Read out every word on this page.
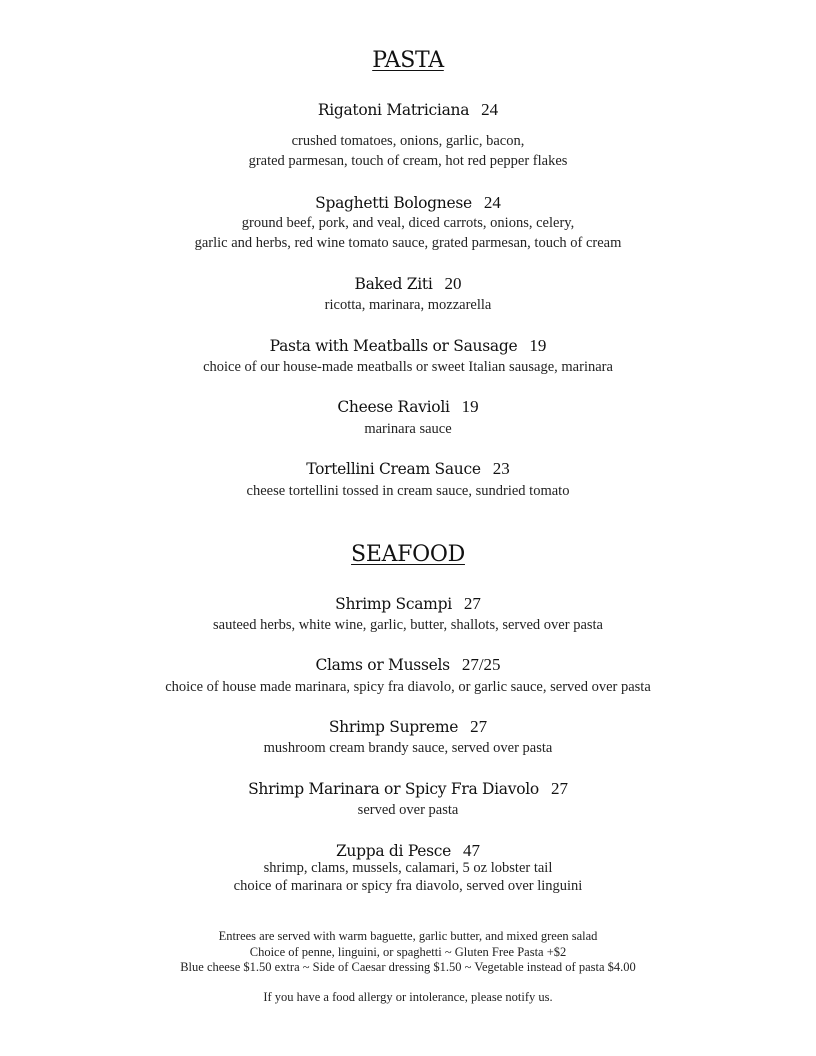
PASTA
Rigatoni Matriciana 24
crushed tomatoes, onions, garlic, bacon,
grated parmesan, touch of cream, hot red pepper flakes
Spaghetti Bolognese 24
ground beef, pork, and veal, diced carrots, onions, celery,
garlic and herbs, red wine tomato sauce, grated parmesan, touch of cream
Baked Ziti 20
ricotta, marinara, mozzarella
Pasta with Meatballs or Sausage 19
choice of our house-made meatballs or sweet Italian sausage, marinara
Cheese Ravioli 19
marinara sauce
Tortellini Cream Sauce 23
cheese tortellini tossed in cream sauce, sundried tomato
SEAFOOD
Shrimp Scampi 27
sauteed herbs, white wine, garlic, butter, shallots, served over pasta
Clams or Mussels 27/25
choice of house made marinara, spicy fra diavolo, or garlic sauce, served over pasta
Shrimp Supreme 27
mushroom cream brandy sauce, served over pasta
Shrimp Marinara or Spicy Fra Diavolo 27
served over pasta
Zuppa di Pesce 47
shrimp, clams, mussels, calamari, 5 oz lobster tail
choice of marinara or spicy fra diavolo, served over linguini
Entrees are served with warm baguette, garlic butter, and mixed green salad
Choice of penne, linguini, or spaghetti ~ Gluten Free Pasta +$2
Blue cheese $1.50 extra ~ Side of Caesar dressing $1.50 ~ Vegetable instead of pasta $4.00
If you have a food allergy or intolerance, please notify us.
